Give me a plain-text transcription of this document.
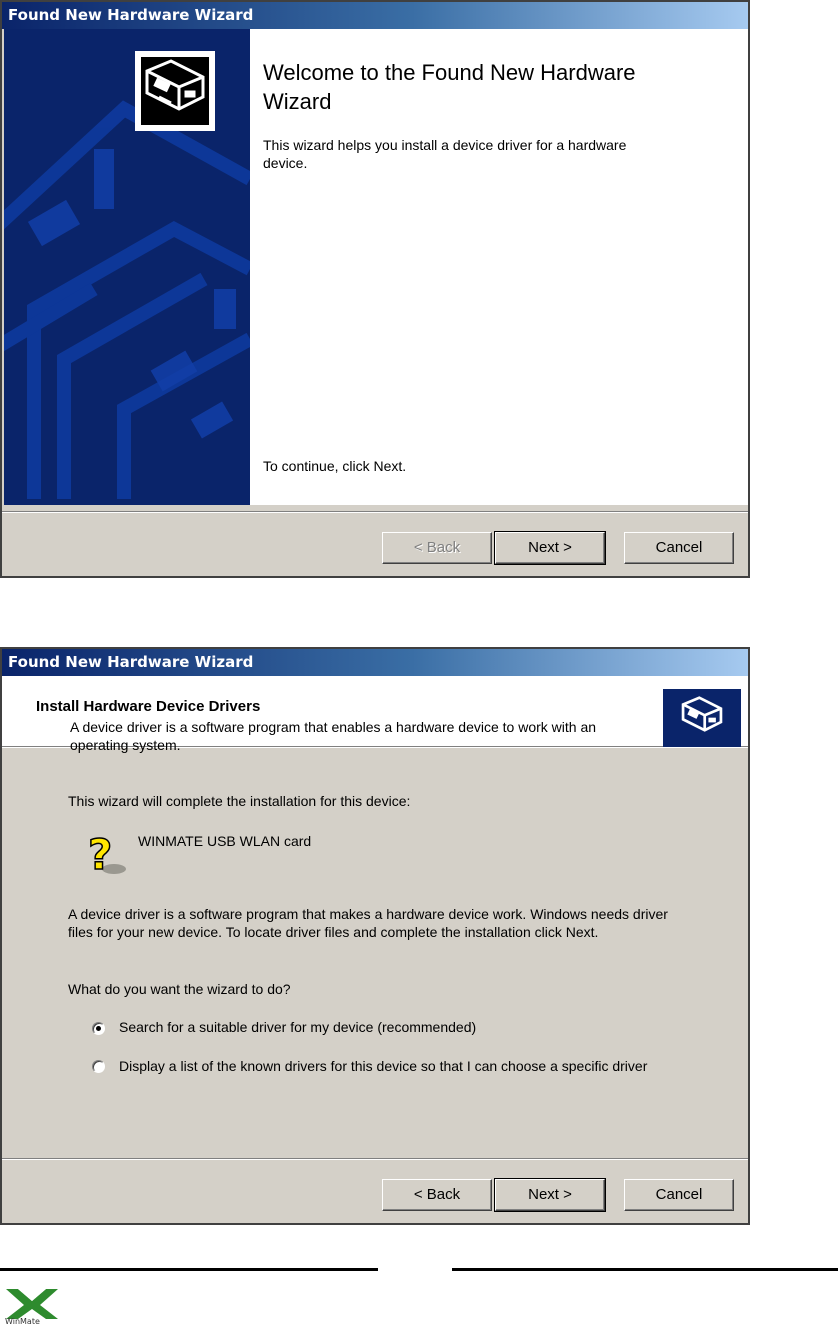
Found New Hardware Wizard
Welcome to the Found New Hardware Wizard
This wizard helps you install a device driver for a hardware device.
To continue, click Next.
< Back	Next >	Cancel
Found New Hardware Wizard
Install Hardware Device Drivers
A device driver is a software program that enables a hardware device to work with an operating system.
This wizard will complete the installation for this device:
? WINMATE USB WLAN card
A device driver is a software program that makes a hardware device work. Windows needs driver files for your new device. To locate driver files and complete the installation click Next.
What do you want the wizard to do?
Search for a suitable driver for my device (recommended)
Display a list of the known drivers for this device so that I can choose a specific driver
< Back	Next >	Cancel
WinMate
